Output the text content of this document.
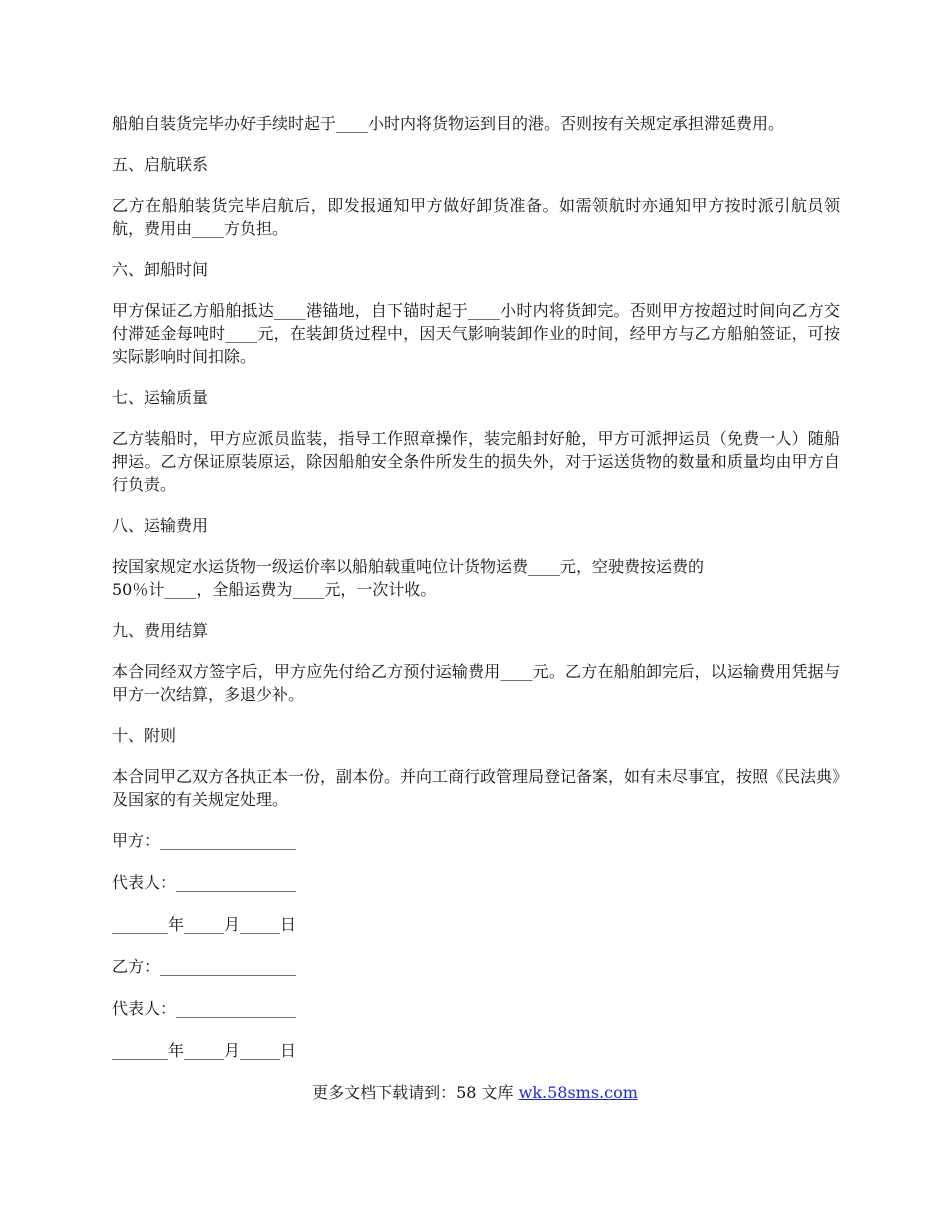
船舶自装货完毕办好手续时起于____小时内将货物运到目的港。否则按有关规定承担滞延费用。

五、启航联系

乙方在船舶装货完毕启航后，即发报通知甲方做好卸货准备。如需领航时亦通知甲方按时派引航员领航，费用由____方负担。

六、卸船时间

甲方保证乙方船舶抵达____港锚地，自下锚时起于____小时内将货卸完。否则甲方按超过时间向乙方交付滞延金每吨时____元，在装卸货过程中，因天气影响装卸作业的时间，经甲方与乙方船舶签证，可按实际影响时间扣除。

七、运输质量

乙方装船时，甲方应派员监装，指导工作照章操作，装完船封好舱，甲方可派押运员（免费一人）随船押运。乙方保证原装原运，除因船舶安全条件所发生的损失外，对于运送货物的数量和质量均由甲方自行负责。

八、运输费用

按国家规定水运货物一级运价率以船舶载重吨位计货物运费____元，空驶费按运费的
50％计____，全船运费为____元，一次计收。

九、费用结算

本合同经双方签字后，甲方应先付给乙方预付运输费用____元。乙方在船舶卸完后，以运输费用凭据与甲方一次结算，多退少补。

十、附则

本合同甲乙双方各执正本一份，副本份。并向工商行政管理局登记备案，如有未尽事宜，按照《民法典》及国家的有关规定处理。

甲方：_________________

代表人：_______________

_______年_____月_____日

乙方：_________________

代表人：_______________

_______年_____月_____日

更多文档下载请到：58 文库 wk.58sms.com
